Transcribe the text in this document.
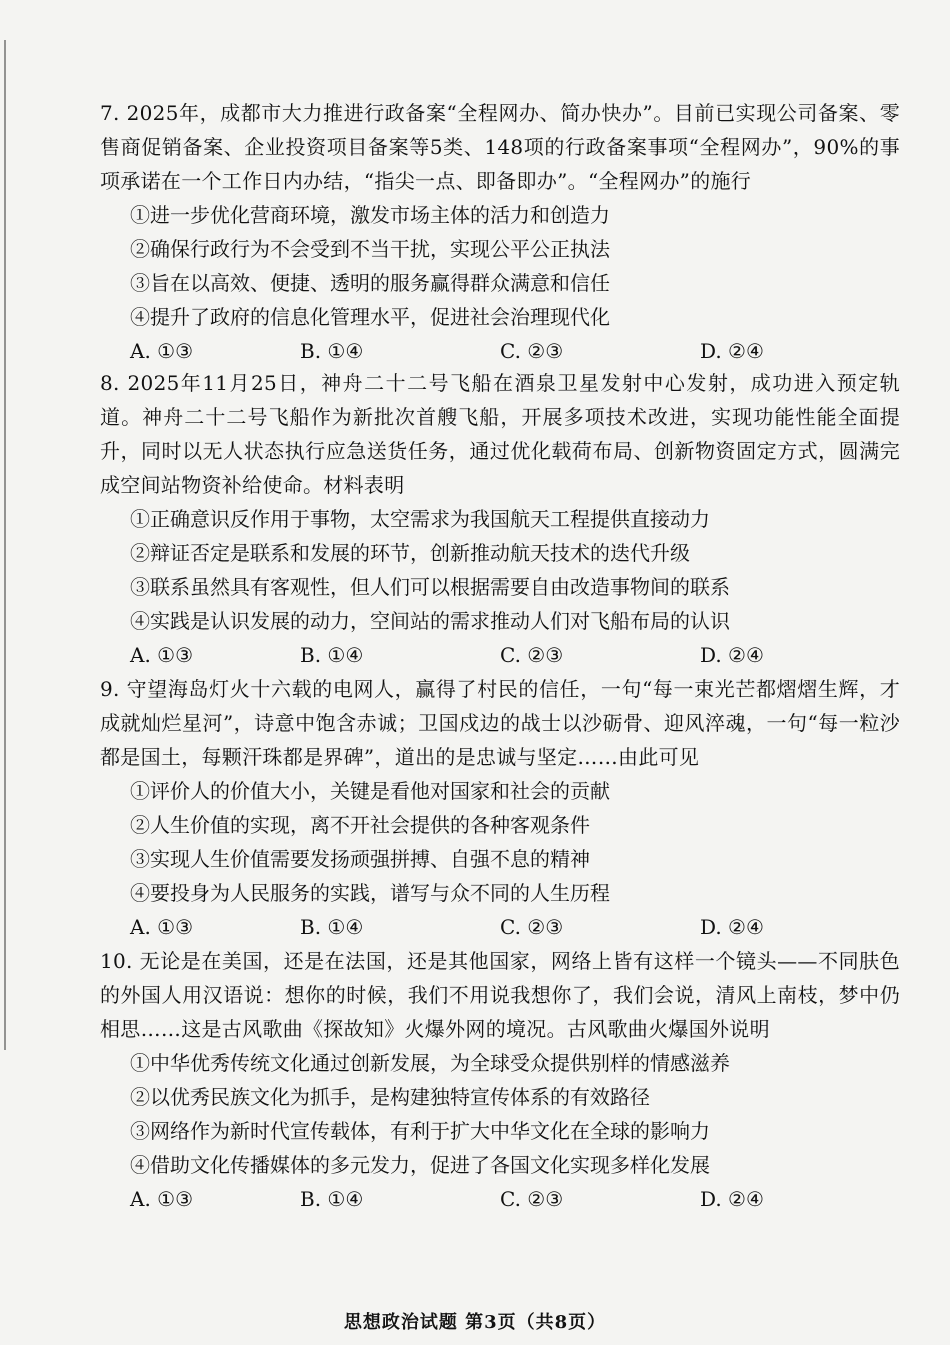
7. 2025年，成都市大力推进行政备案“全程网办、简办快办”。目前已实现公司备案、零售商促销备案、企业投资项目备案等5类、148项的行政备案事项“全程网办”，90%的事项承诺在一个工作日内办结，“指尖一点、即备即办”。“全程网办”的施行

①进一步优化营商环境，激发市场主体的活力和创造力

②确保行政行为不会受到不当干扰，实现公平公正执法

③旨在以高效、便捷、透明的服务赢得群众满意和信任

④提升了政府的信息化管理水平，促进社会治理现代化

A. ①③	B. ①④	C. ②③	D. ②④

8. 2025年11月25日，神舟二十二号飞船在酒泉卫星发射中心发射，成功进入预定轨道。神舟二十二号飞船作为新批次首艘飞船，开展多项技术改进，实现功能性能全面提升，同时以无人状态执行应急送货任务，通过优化载荷布局、创新物资固定方式，圆满完成空间站物资补给使命。材料表明

①正确意识反作用于事物，太空需求为我国航天工程提供直接动力

②辩证否定是联系和发展的环节，创新推动航天技术的迭代升级

③联系虽然具有客观性，但人们可以根据需要自由改造事物间的联系

④实践是认识发展的动力，空间站的需求推动人们对飞船布局的认识

A. ①③	B. ①④	C. ②③	D. ②④

9. 守望海岛灯火十六载的电网人，赢得了村民的信任，一句“每一束光芒都熠熠生辉，才成就灿烂星河”，诗意中饱含赤诚；卫国戍边的战士以沙砺骨、迎风淬魂，一句“每一粒沙都是国土，每颗汗珠都是界碑”，道出的是忠诚与坚定……由此可见

①评价人的价值大小，关键是看他对国家和社会的贡献

②人生价值的实现，离不开社会提供的各种客观条件

③实现人生价值需要发扬顽强拼搏、自强不息的精神

④要投身为人民服务的实践，谱写与众不同的人生历程

A. ①③	B. ①④	C. ②③	D. ②④

10. 无论是在美国，还是在法国，还是其他国家，网络上皆有这样一个镜头——不同肤色的外国人用汉语说：想你的时候，我们不用说我想你了，我们会说，清风上南枝，梦中仍相思……这是古风歌曲《探故知》火爆外网的境况。古风歌曲火爆国外说明

①中华优秀传统文化通过创新发展，为全球受众提供别样的情感滋养

②以优秀民族文化为抓手，是构建独特宣传体系的有效路径

③网络作为新时代宣传载体，有利于扩大中华文化在全球的影响力

④借助文化传播媒体的多元发力，促进了各国文化实现多样化发展

A. ①③	B. ①④	C. ②③	D. ②④
思想政治试题 第3页（共8页）
